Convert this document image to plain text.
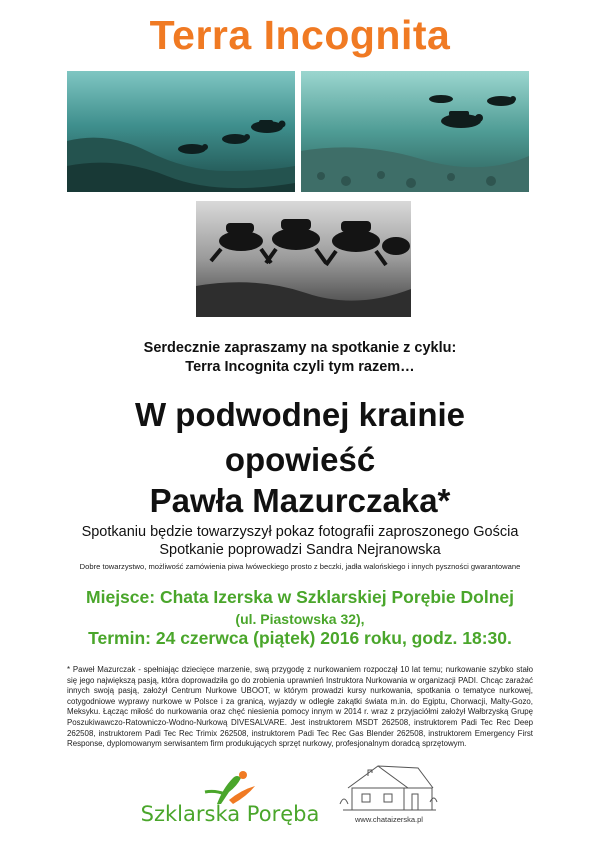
Terra Incognita
Serdecznie zapraszamy na spotkanie z cyklu:
Terra Incognita czyli tym razem…
W podwodnej krainie
opowieść
Pawła Mazurczaka*
Spotkaniu będzie towarzyszył pokaz fotografii zaproszonego Gościa
Spotkanie poprowadzi Sandra Nejranowska
Dobre towarzystwo, możliwość zamówienia piwa lwóweckiego prosto z beczki, jadła walońskiego i innych pyszności gwarantowane
Miejsce: Chata Izerska w Szklarskiej Porębie Dolnej
(ul. Piastowska 32),
Termin: 24 czerwca (piątek) 2016 roku, godz. 18:30.
* Paweł Mazurczak - spełniając dziecięce marzenie, swą przygodę z nurkowaniem rozpoczął 10 lat temu; nurkowanie szybko stało się jego największą pasją, która doprowadziła go do zrobienia uprawnień Instruktora Nurkowania w organizacji PADI. Chcąc zarażać innych swoją pasją, założył Centrum Nurkowe UBOOT, w którym prowadzi kursy nurkowania, spotkania o tematyce nurkowej, cotygodniowe wyprawy nurkowe w Polsce i za granicą, wyjazdy w odległe zakątki świata m.in. do Egiptu, Chorwacji, Malty-Gozo, Meksyku. Łącząc miłość do nurkowania oraz chęć niesienia pomocy innym w 2014 r. wraz z przyjaciółmi założył Wałbrzyską Grupę Poszukiwawczo-Ratowniczo-Wodno-Nurkową DIVESALVARE. Jest instruktorem MSDT 262508, instruktorem Padi Tec Rec Deep 262508, instruktorem Padi Tec Rec Trimix 262508, instruktorem Padi Tec Rec Gas Blender 262508, instruktorem Emergency First Response, dyplomowanym serwisantem firm produkujących sprzęt nurkowy, profesjonalnym doradcą sprzętowym.
Szklarska Poręba	www.chataizerska.pl
